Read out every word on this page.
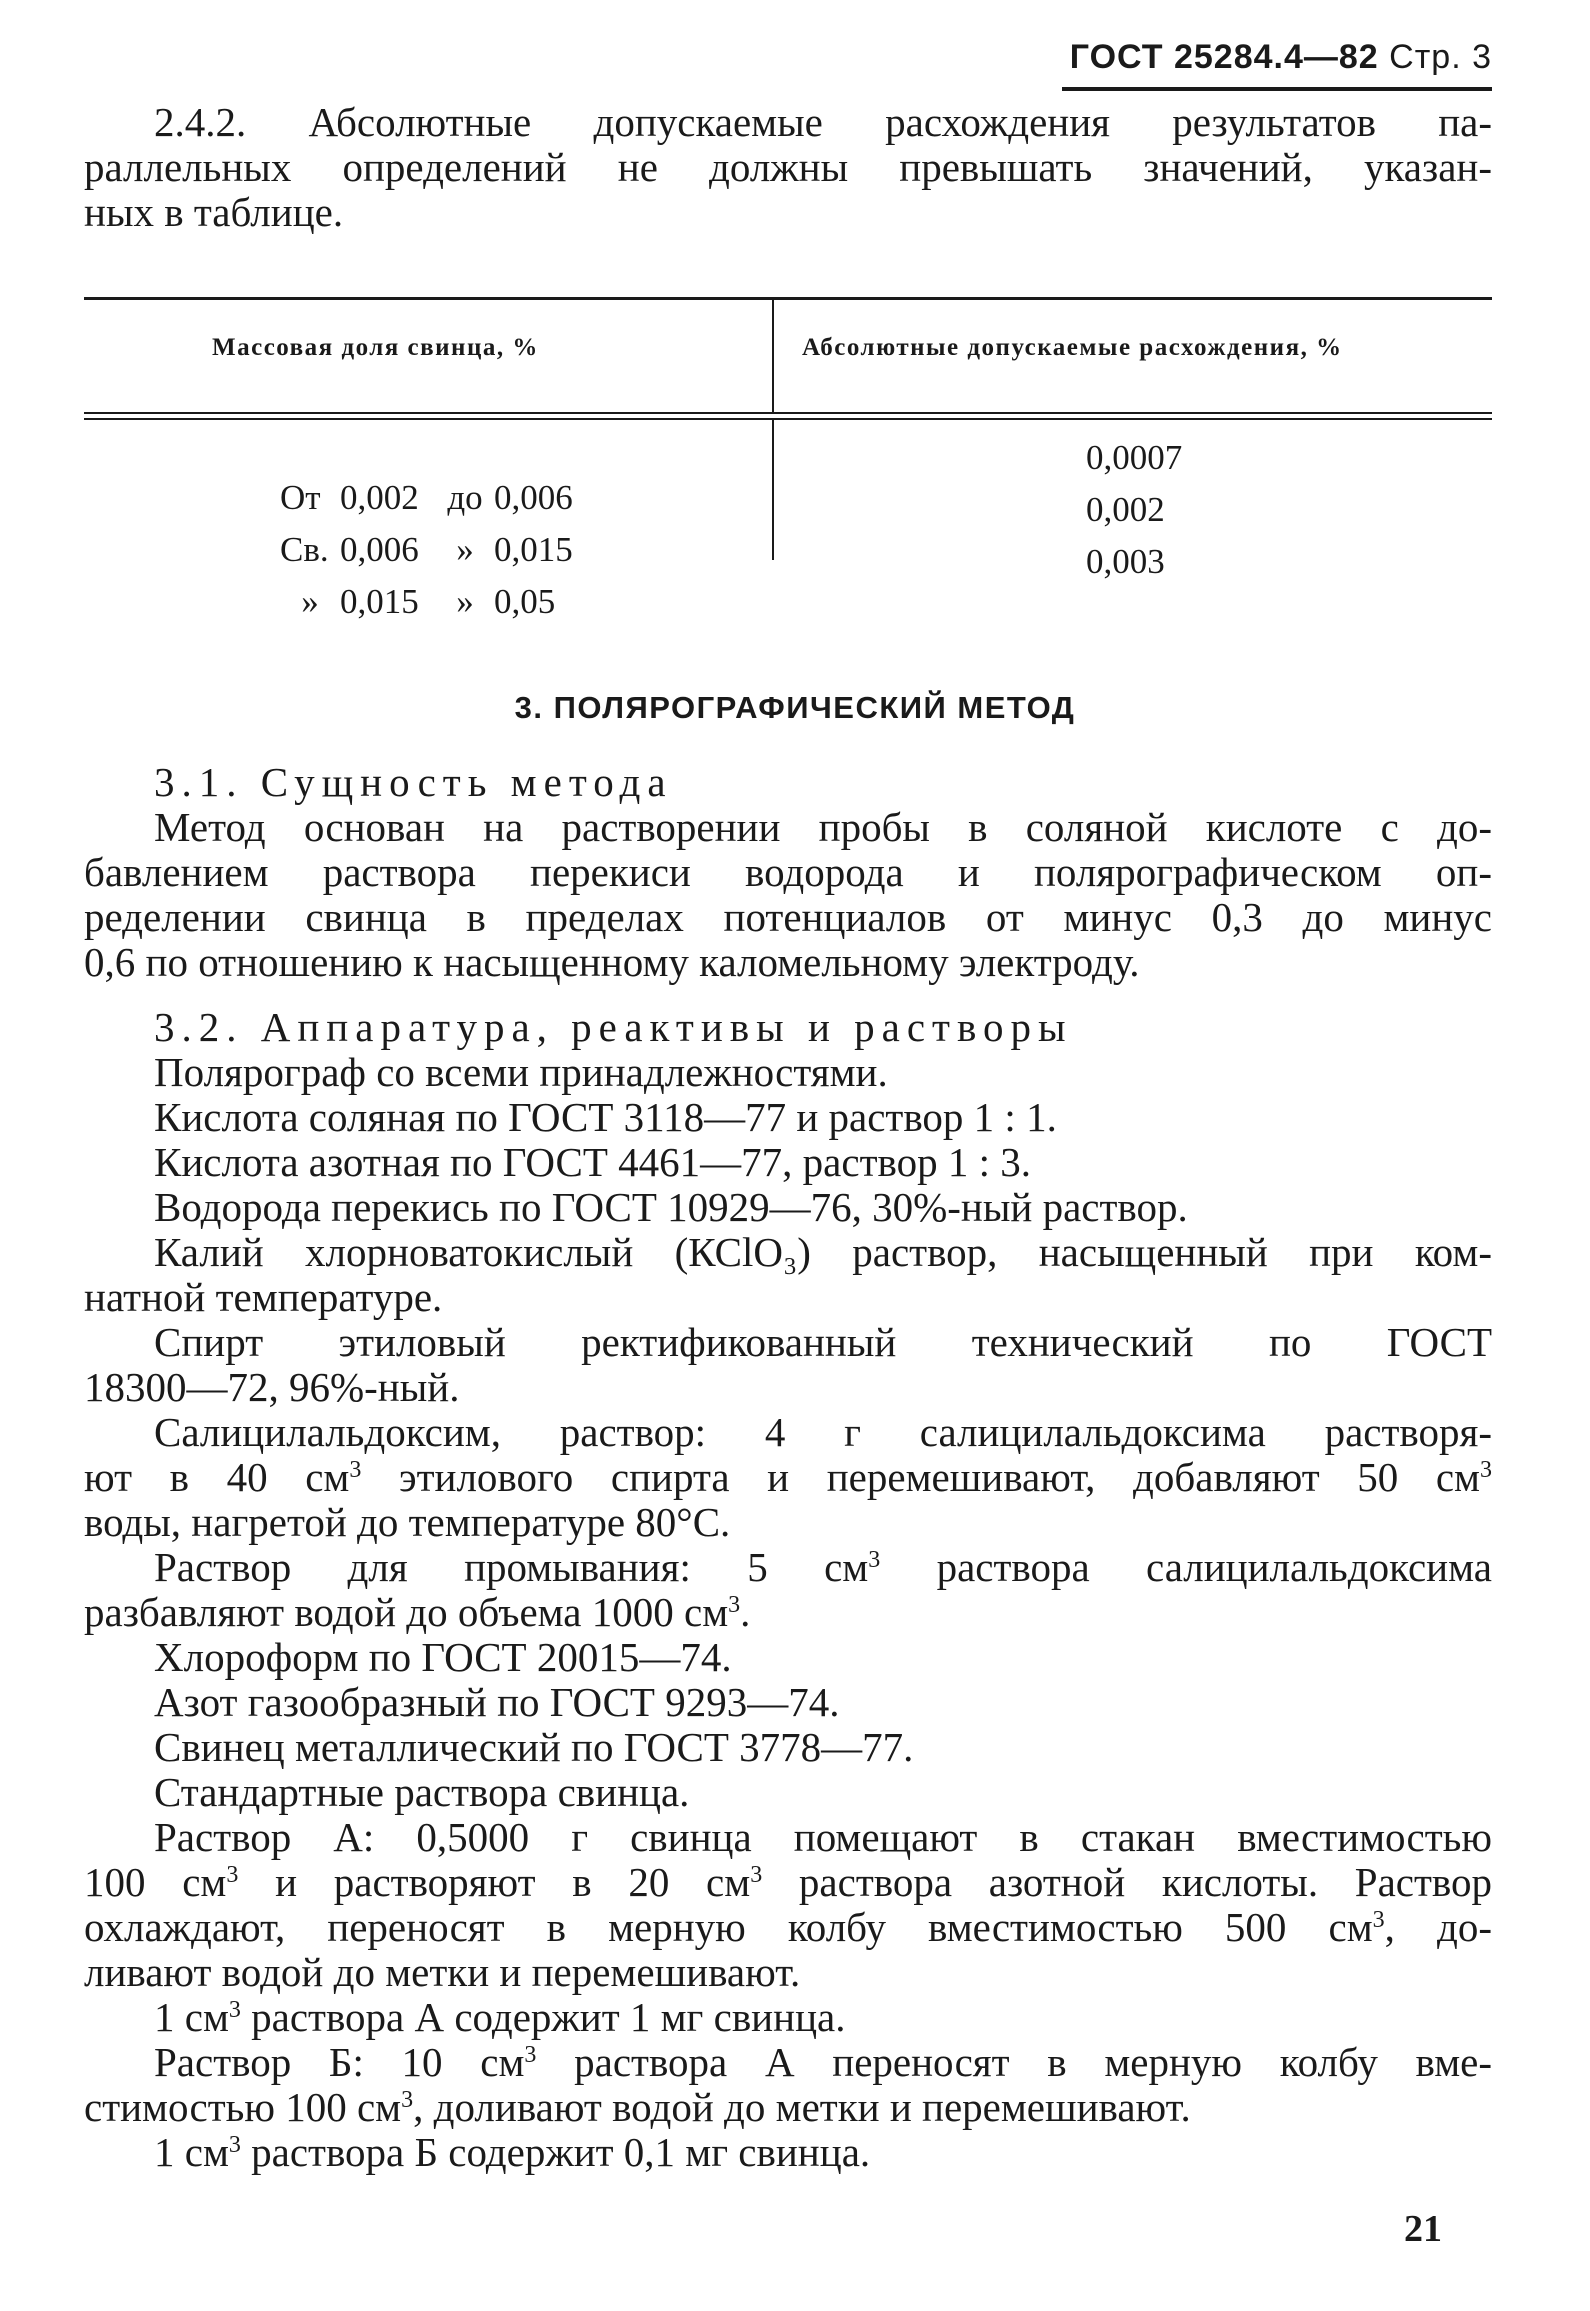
ГОСТ 25284.4—82 Стр. 3
2.4.2. Абсолютные допускаемые расхождения результатов па-
раллельных определений не должны превышать значений, указан-
ных в таблице.
Массовая доля свинца, %	Абсолютные допускаемые расхождения, %

От 0,002 до 0,006

0,0007

Св. 0,006 » 0,015

0,002

» 0,015 » 0,05

0,003
3. ПОЛЯРОГРАФИЧЕСКИЙ МЕТОД
3.1. Сущность метода
Метод основан на растворении пробы в соляной кислоте с до-
бавлением раствора перекиси водорода и полярографическом оп-
ределении свинца в пределах потенциалов от минус 0,3 до минус
0,6 по отношению к насыщенному каломельному электроду.
3.2. Аппаратура, реактивы и растворы
Полярограф со всеми принадлежностями.
Кислота соляная по ГОСТ 3118—77 и раствор 1 : 1.
Кислота азотная по ГОСТ 4461—77, раствор 1 : 3.
Водорода перекись по ГОСТ 10929—76, 30%-ный раствор.
Калий хлорноватокислый (КСlO₃) раствор, насыщенный при ком-
натной температуре.
Спирт этиловый ректификованный технический по ГОСТ
18300—72, 96%-ный.
Салицилальдоксим, раствор: 4 г салицилальдоксима растворя-
ют в 40 $см^3$ этилового спирта и перемешивают, добавляют 50 $см^3$
воды, нагретой до температуре 80°С.
Раствор для промывания: 5 $см^3$ раствора салицилальдоксима
разбавляют водой до объема 1000 $см^3$.
Хлороформ по ГОСТ 20015—74.
Азот газообразный по ГОСТ 9293—74.
Свинец металлический по ГОСТ 3778—77.
Стандартные раствора свинца.
Раствор А: 0,5000 г свинца помещают в стакан вместимостью
100 $см^3$ и растворяют в 20 $см^3$ раствора азотной кислоты. Раствор
охлаждают, переносят в мерную колбу вместимостью 500 $см^3$, до-
ливают водой до метки и перемешивают.
1 $см^3$ раствора А содержит 1 мг свинца.
Раствор Б: 10 $см^3$ раствора А переносят в мерную колбу вме-
стимостью 100 $см^3$, доливают водой до метки и перемешивают.
1 $см^3$ раствора Б содержит 0,1 мг свинца.
21
